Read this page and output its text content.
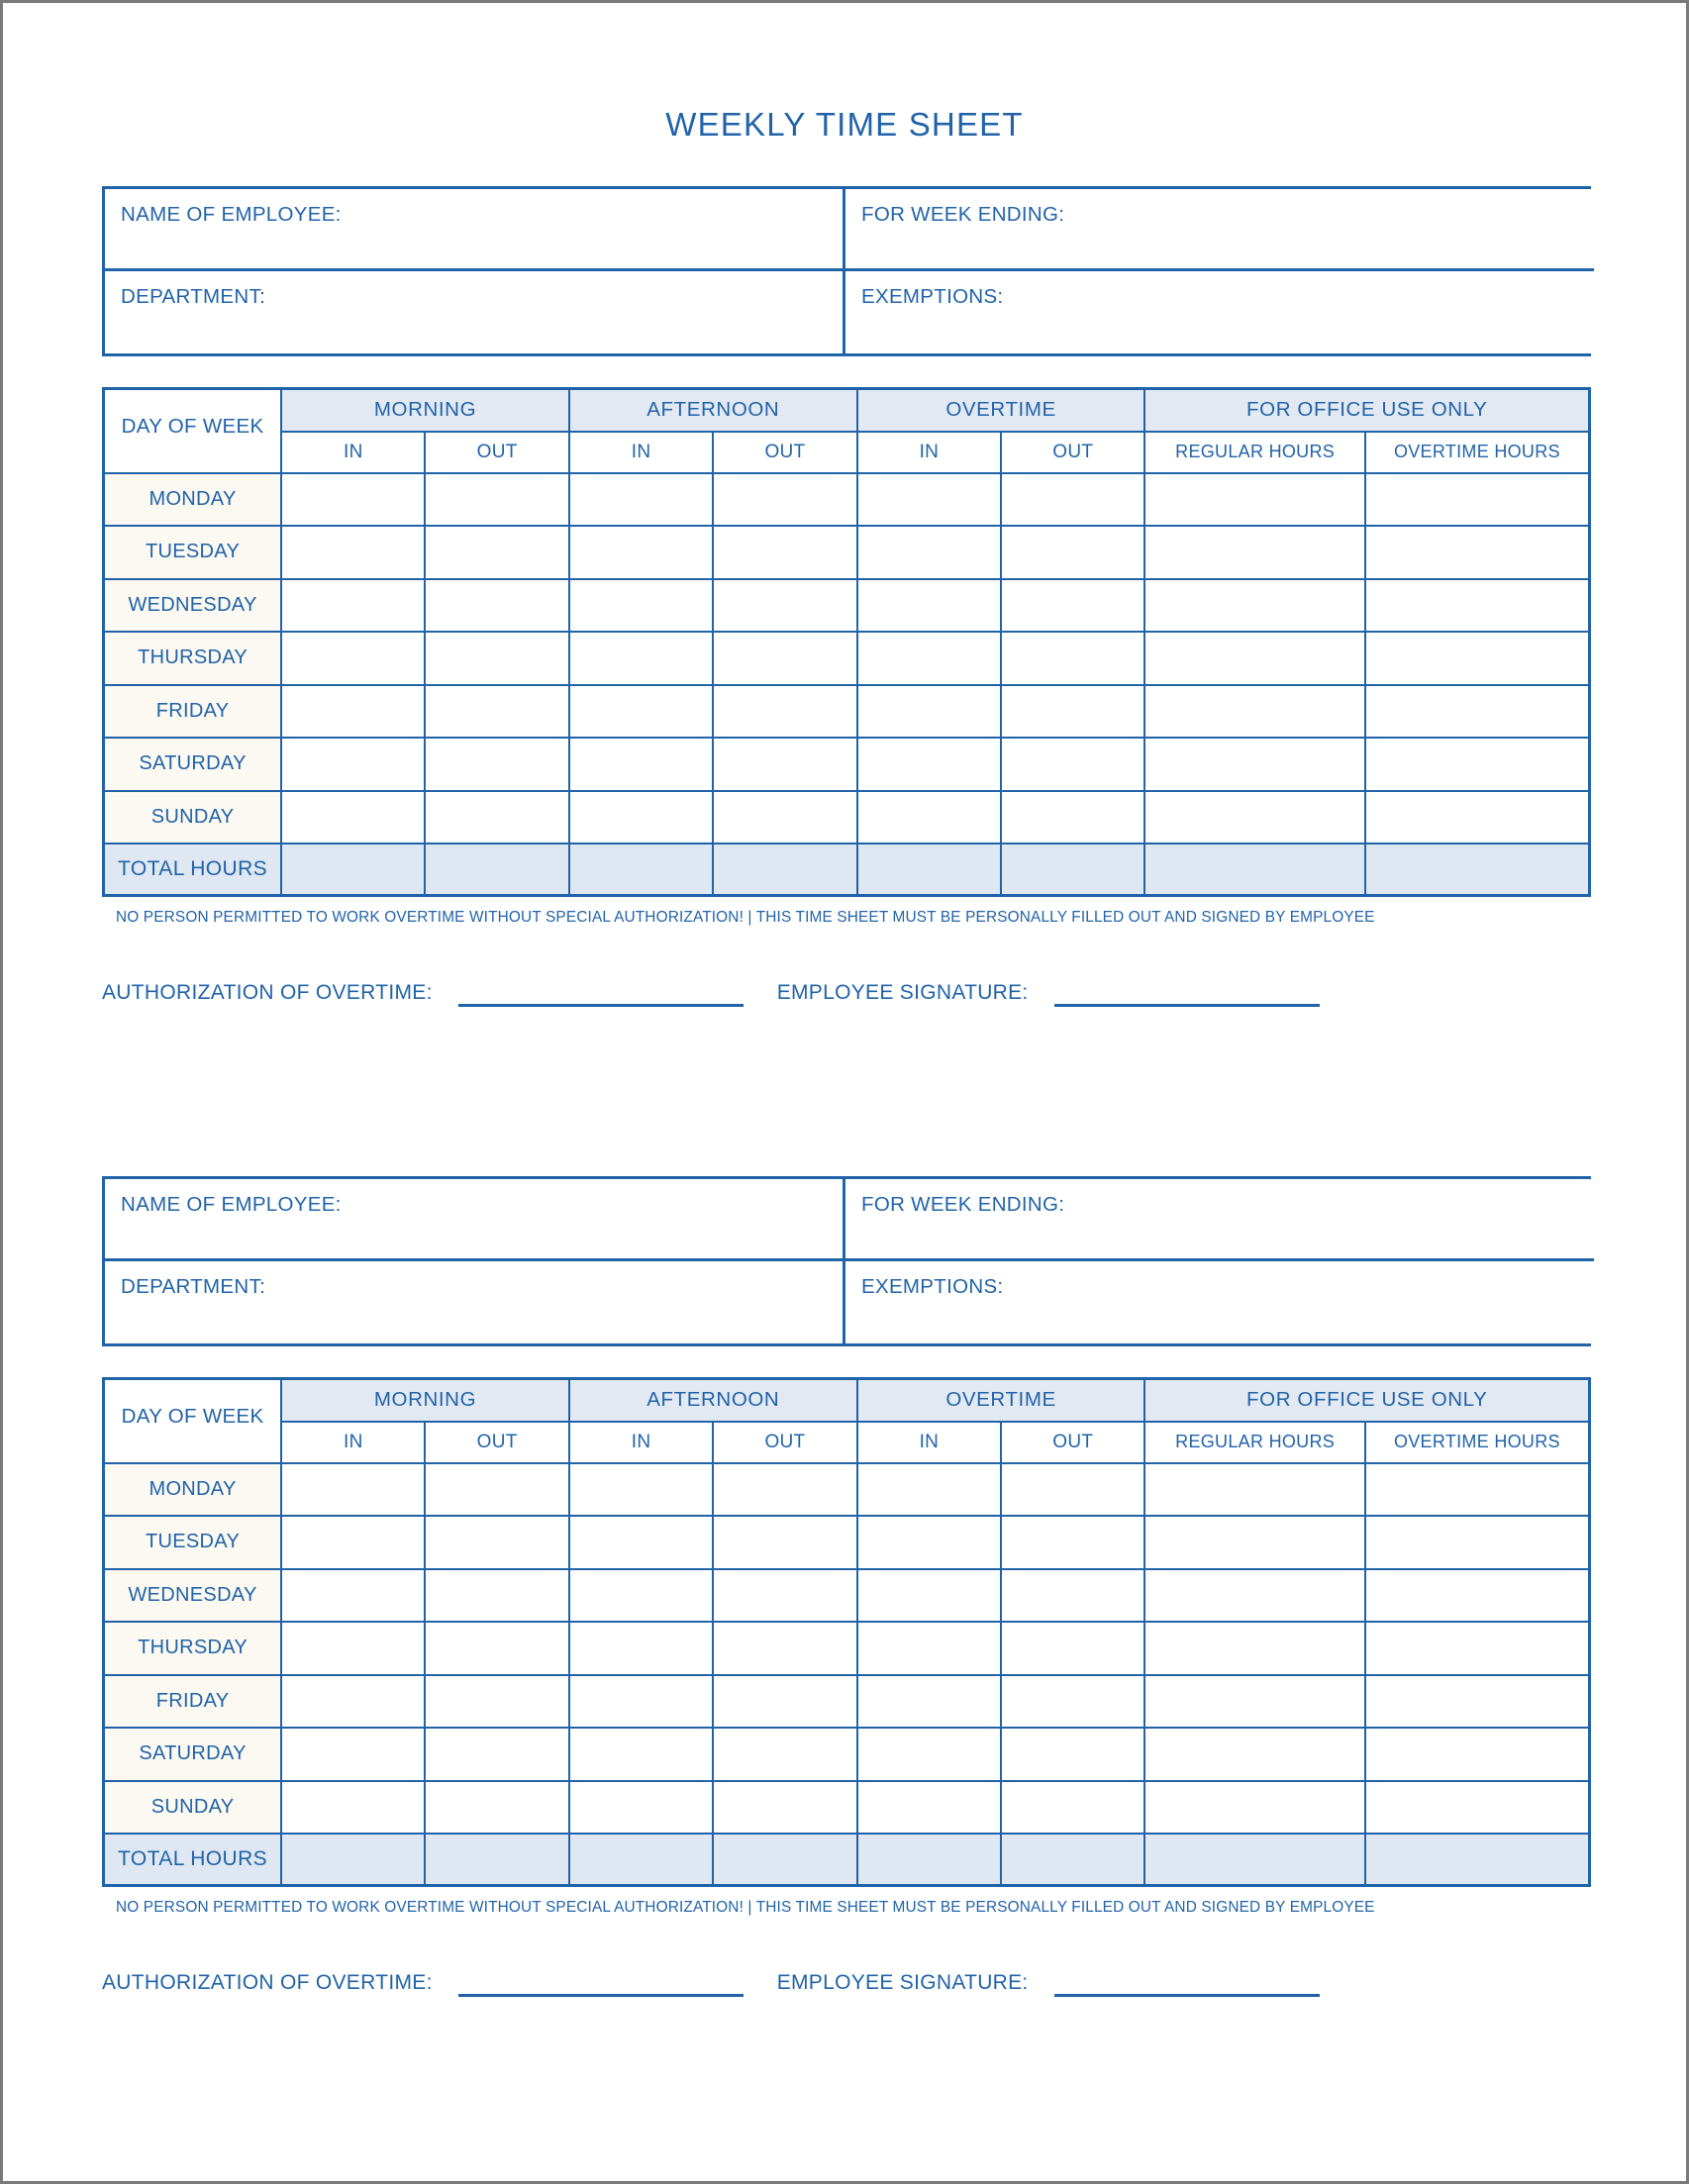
WEEKLY TIME SHEET
NAME OF EMPLOYEE:	FOR WEEK ENDING:
DEPARTMENT:	EXEMPTIONS:
DAY OF WEEK	MORNING		AFTERNOON		OVERTIME		FOR OFFICE USE ONLY	
	IN	OUT	IN	OUT	IN	OUT	REGULAR HOURS	OVERTIME HOURS
MONDAY								
TUESDAY								
WEDNESDAY								
THURSDAY								
FRIDAY								
SATURDAY								
SUNDAY								
TOTAL HOURS								
NO PERSON PERMITTED TO WORK OVERTIME WITHOUT SPECIAL AUTHORIZATION! | THIS TIME SHEET MUST BE PERSONALLY FILLED OUT AND SIGNED BY EMPLOYEE
AUTHORIZATION OF OVERTIME:	EMPLOYEE SIGNATURE:
NAME OF EMPLOYEE:	FOR WEEK ENDING:
DEPARTMENT:	EXEMPTIONS:
DAY OF WEEK	MORNING		AFTERNOON		OVERTIME		FOR OFFICE USE ONLY	
	IN	OUT	IN	OUT	IN	OUT	REGULAR HOURS	OVERTIME HOURS
MONDAY								
TUESDAY								
WEDNESDAY								
THURSDAY								
FRIDAY								
SATURDAY								
SUNDAY								
TOTAL HOURS								
NO PERSON PERMITTED TO WORK OVERTIME WITHOUT SPECIAL AUTHORIZATION! | THIS TIME SHEET MUST BE PERSONALLY FILLED OUT AND SIGNED BY EMPLOYEE
AUTHORIZATION OF OVERTIME:	EMPLOYEE SIGNATURE:
